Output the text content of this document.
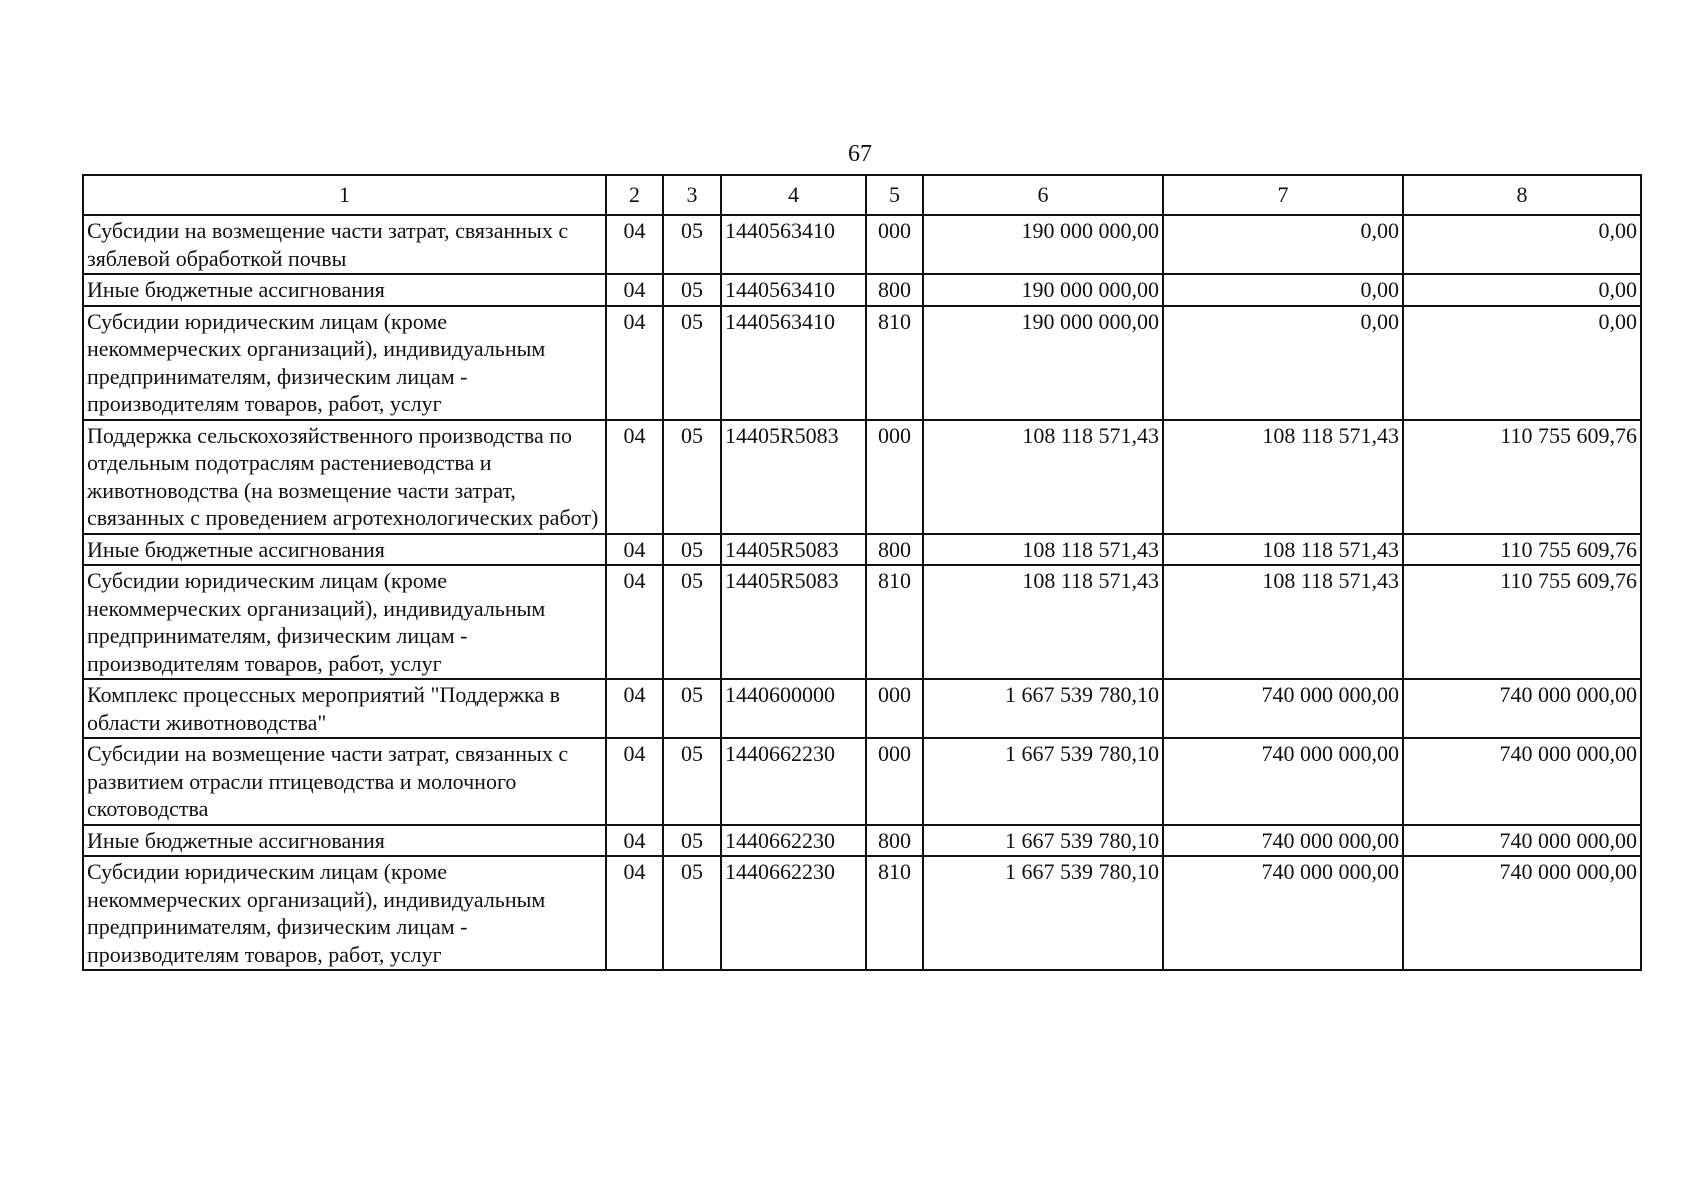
67
1	2	3	4	5	6	7	8
Субсидии на возмещение части затрат, связанных с зяблевой обработкой почвы	04	05	1440563410	000	190 000 000,00	0,00	0,00
Иные бюджетные ассигнования	04	05	1440563410	800	190 000 000,00	0,00	0,00
Субсидии юридическим лицам (кроме некоммерческих организаций), индивидуальным предпринимателям, физическим лицам - производителям товаров, работ, услуг	04	05	1440563410	810	190 000 000,00	0,00	0,00
Поддержка сельскохозяйственного производства по отдельным подотраслям растениеводства и животноводства (на возмещение части затрат, связанных с проведением агротехнологических работ)	04	05	14405R5083	000	108 118 571,43	108 118 571,43	110 755 609,76
Иные бюджетные ассигнования	04	05	14405R5083	800	108 118 571,43	108 118 571,43	110 755 609,76
Субсидии юридическим лицам (кроме некоммерческих организаций), индивидуальным предпринимателям, физическим лицам - производителям товаров, работ, услуг	04	05	14405R5083	810	108 118 571,43	108 118 571,43	110 755 609,76
Комплекс процессных мероприятий "Поддержка в области животноводства"	04	05	1440600000	000	1 667 539 780,10	740 000 000,00	740 000 000,00
Субсидии на возмещение части затрат, связанных с развитием отрасли птицеводства и молочного скотоводства	04	05	1440662230	000	1 667 539 780,10	740 000 000,00	740 000 000,00
Иные бюджетные ассигнования	04	05	1440662230	800	1 667 539 780,10	740 000 000,00	740 000 000,00
Субсидии юридическим лицам (кроме некоммерческих организаций), индивидуальным предпринимателям, физическим лицам - производителям товаров, работ, услуг	04	05	1440662230	810	1 667 539 780,10	740 000 000,00	740 000 000,00
